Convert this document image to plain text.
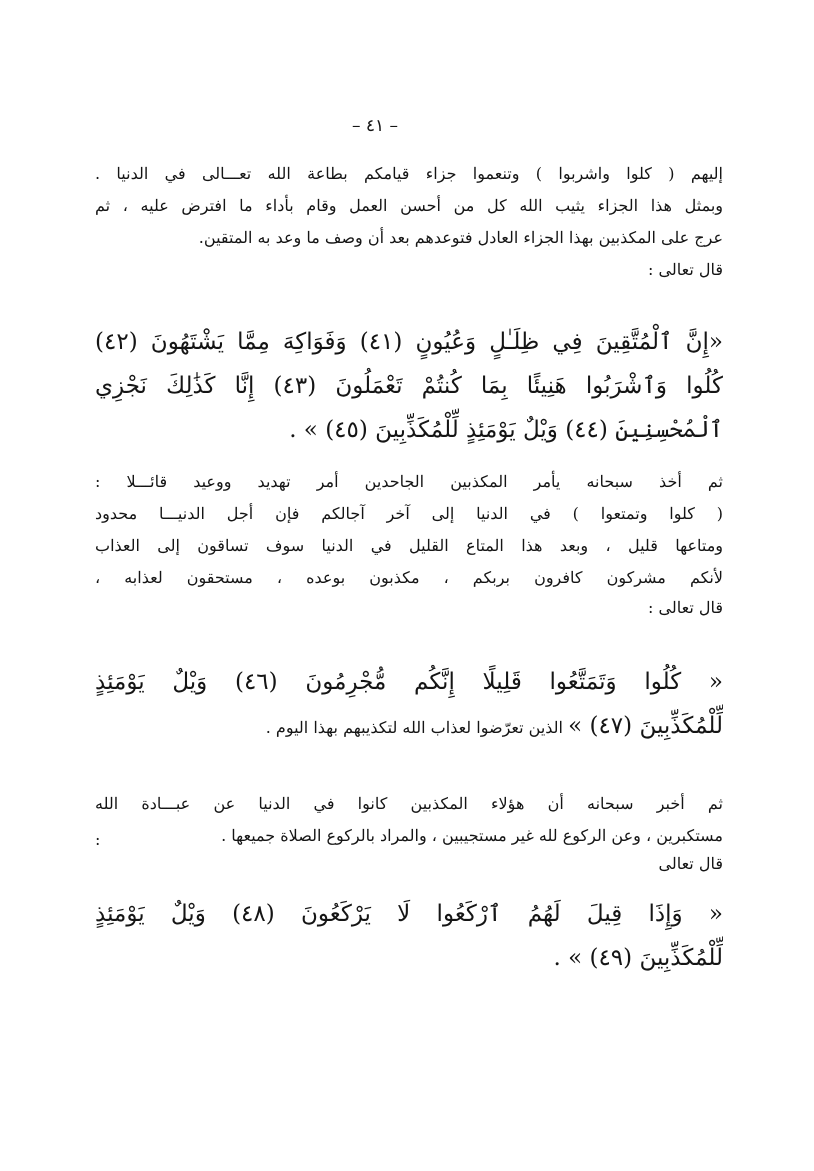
– ٤١ –
إليهم ( كلوا واشربوا ) وتنعموا جزاء قيامكم بطاعة الله تعـــالى في الدنيا .
وبمثل هذا الجزاء يثيب الله كل من أحسن العمل وقام بأداء ما افترض عليه ، ثم
عرج على المكذبين بهذا الجزاء العادل فتوعدهم بعد أن وصف ما وعد به المتقين.
قال تعالى :
«إِنَّ ٱلْمُتَّقِينَ فِي ظِلَـٰلٍ وَعُيُونٍ (٤١) وَفَوَاكِهَ مِمَّا يَشْتَهُونَ (٤٢)
كُلُوا وَٱشْرَبُوا هَنِيئًا بِمَا كُنتُمْ تَعْمَلُونَ (٤٣) إِنَّا كَذَٰلِكَ نَجْزِي
ٱلْمُحْسِنِينَ (٤٤) وَيْلٌ يَوْمَئِذٍ لِّلْمُكَذِّبِينَ (٤٥) » .
ثم أخذ سبحانه يأمر المكذبين الجاحدين أمر تهديد ووعيد قائـــلا :
( كلوا وتمتعوا ) في الدنيا إلى آخر آجالكم فإن أجل الدنيـــا محدود
ومتاعها قليل ، وبعد هذا المتاع القليل في الدنيا سوف تساقون إلى العذاب
لأنكم مشركون كافرون بربكم ، مكذبون بوعده ، مستحقون لعذابه ،
قال تعالى :
« كُلُوا وَتَمَتَّعُوا قَلِيلًا إِنَّكُم مُّجْرِمُونَ (٤٦) وَيْلٌ يَوْمَئِذٍ
لِّلْمُكَذِّبِينَ (٤٧) » الذين تعرّضوا لعذاب الله لتكذيبهم بهذا اليوم .
ثم أخبر سبحانه أن هؤلاء المكذبين كانوا في الدنيا عن عبـــادة الله
مستكبرين ، وعن الركوع لله غير مستجيبين ، والمراد بالركوع الصلاة جميعها .
قال تعالى
:
« وَإِذَا قِيلَ لَهُمُ ٱرْكَعُوا لَا يَرْكَعُونَ (٤٨) وَيْلٌ يَوْمَئِذٍ
لِّلْمُكَذِّبِينَ (٤٩) » .
